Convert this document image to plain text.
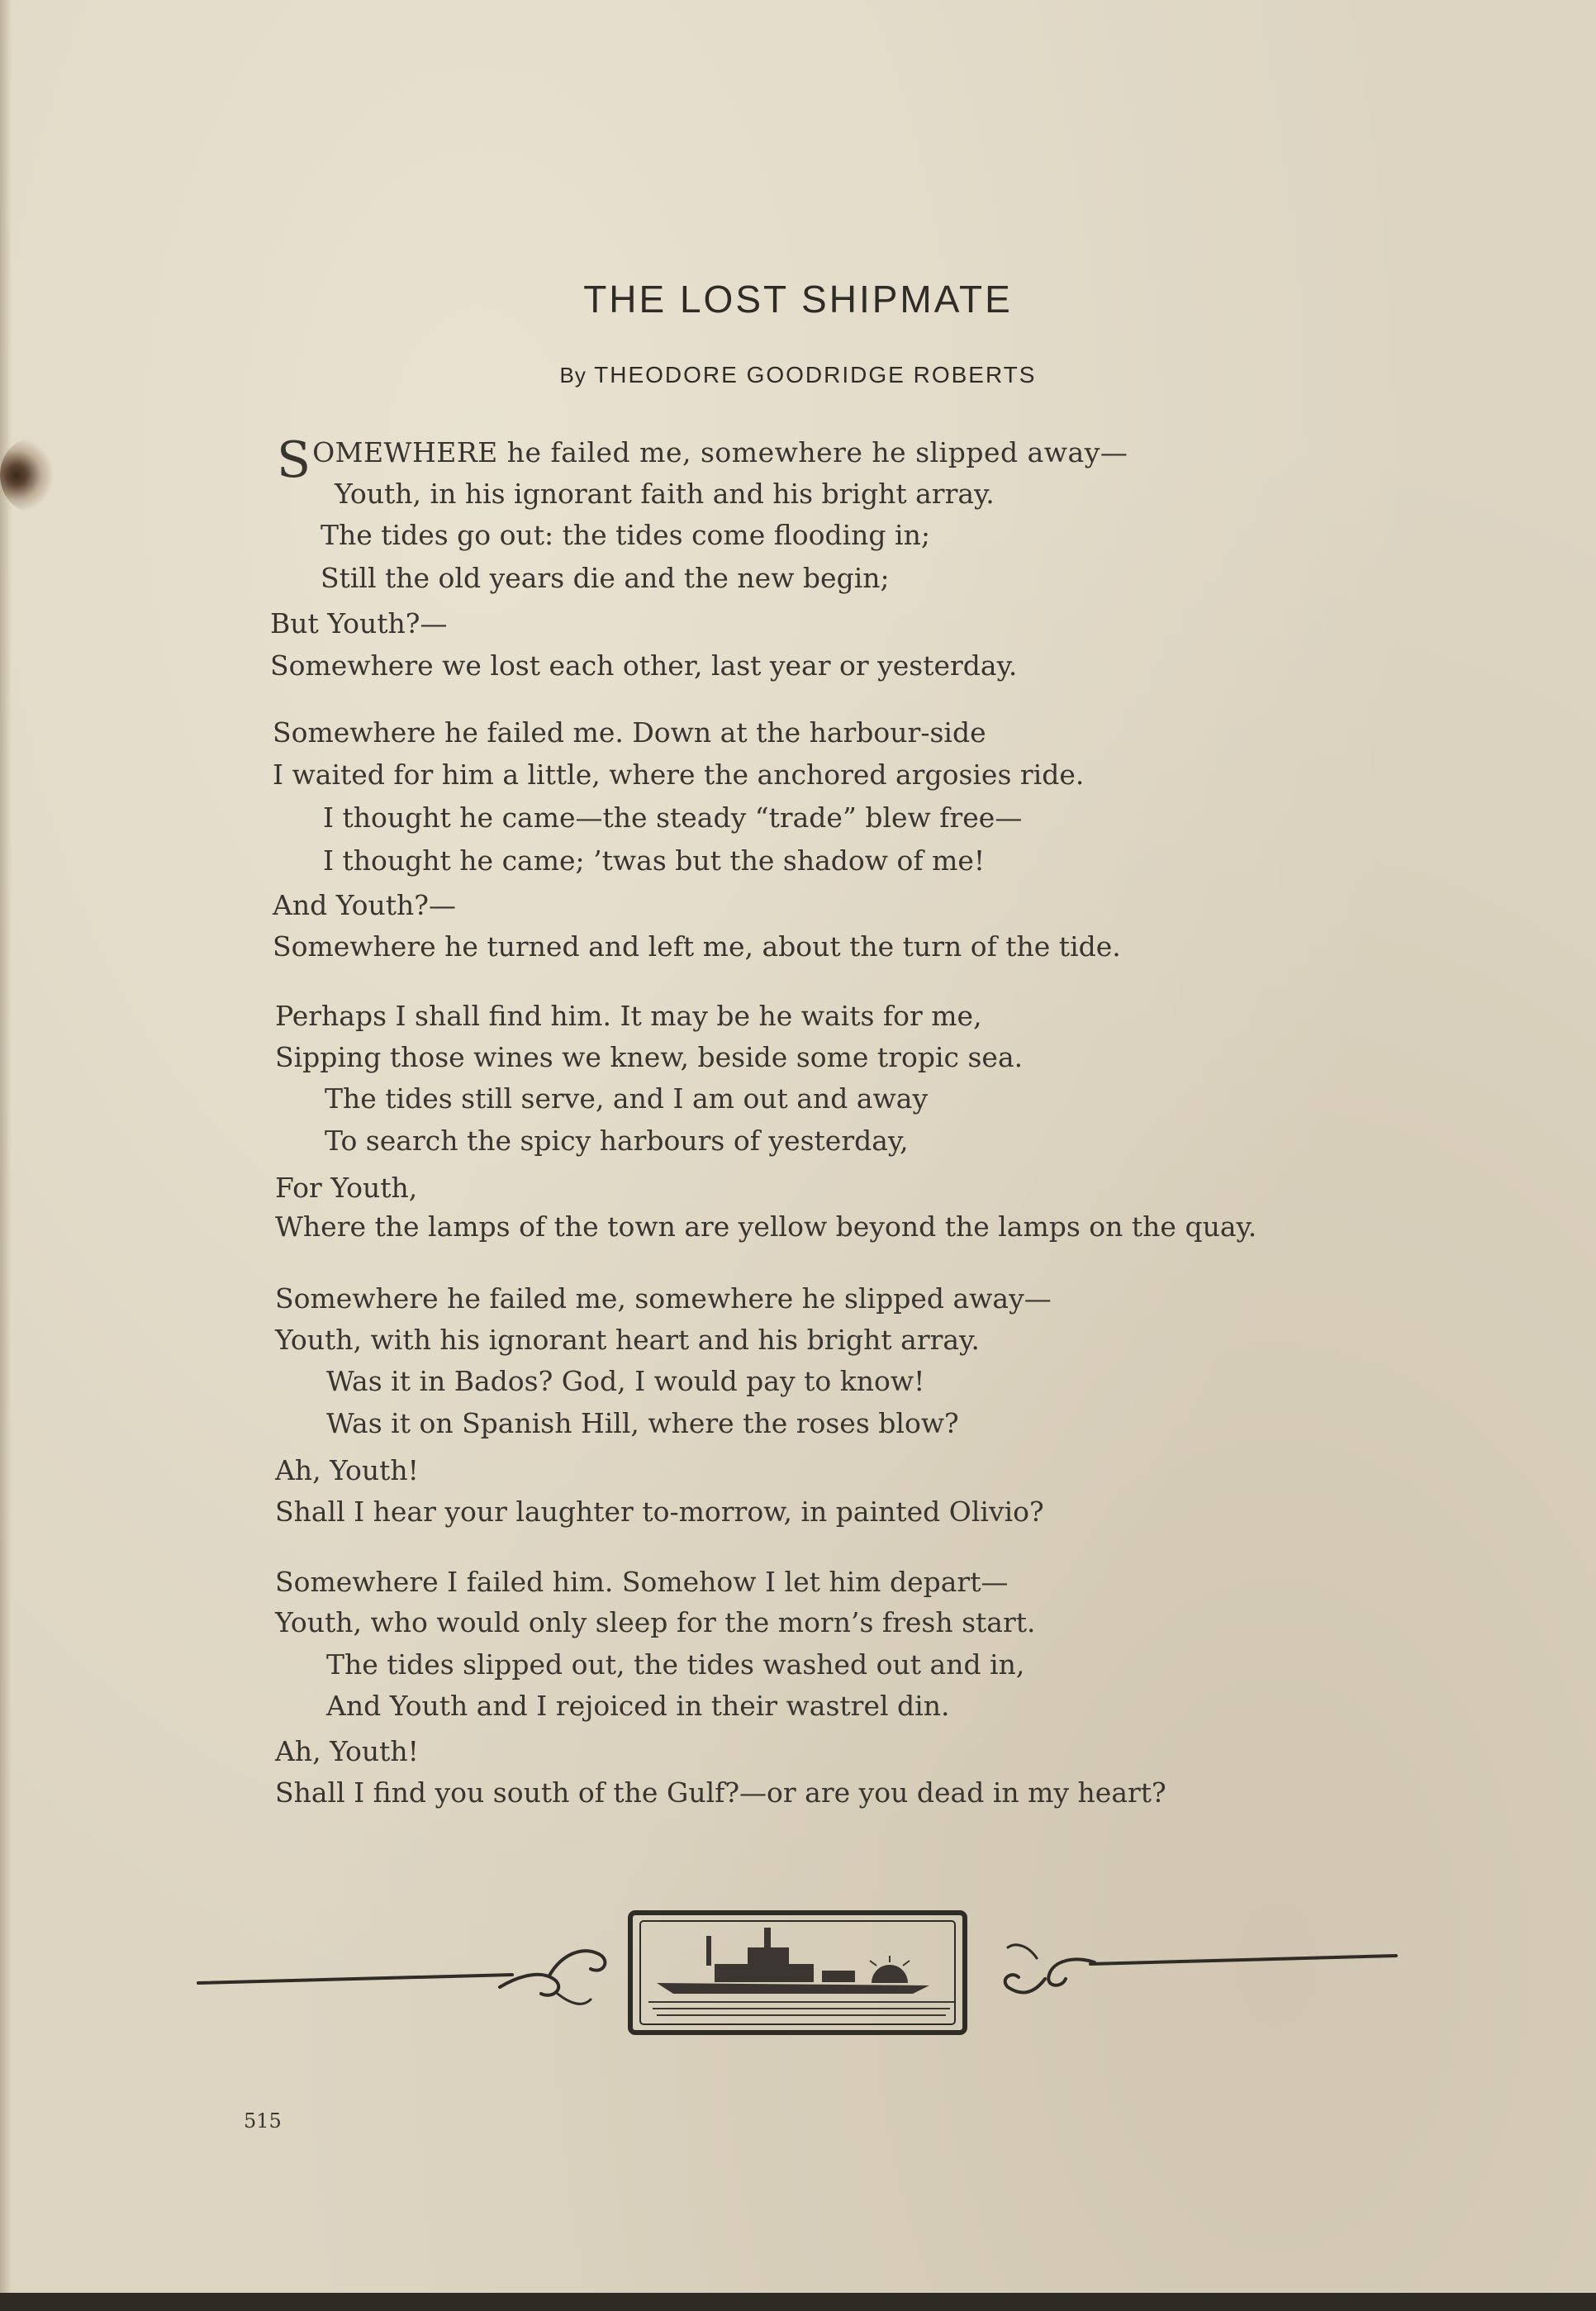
THE LOST SHIPMATE
By THEODORE GOODRIDGE ROBERTS
SOMEWHERE he failed me, somewhere he slipped away—
Youth, in his ignorant faith and his bright array.
The tides go out: the tides come flooding in;
Still the old years die and the new begin;
But Youth?—
Somewhere we lost each other, last year or yesterday.
Somewhere he failed me. Down at the harbour-side
I waited for him a little, where the anchored argosies ride.
I thought he came—the steady “trade” blew free—
I thought he came; ’twas but the shadow of me!
And Youth?—
Somewhere he turned and left me, about the turn of the tide.
Perhaps I shall find him. It may be he waits for me,
Sipping those wines we knew, beside some tropic sea.
The tides still serve, and I am out and away
To search the spicy harbours of yesterday,
For Youth,
Where the lamps of the town are yellow beyond the lamps on the quay.
Somewhere he failed me, somewhere he slipped away—
Youth, with his ignorant heart and his bright array.
Was it in Bados? God, I would pay to know!
Was it on Spanish Hill, where the roses blow?
Ah, Youth!
Shall I hear your laughter to-morrow, in painted Olivio?
Somewhere I failed him. Somehow I let him depart—
Youth, who would only sleep for the morn’s fresh start.
The tides slipped out, the tides washed out and in,
And Youth and I rejoiced in their wastrel din.
Ah, Youth!
Shall I find you south of the Gulf?—or are you dead in my heart?
515
